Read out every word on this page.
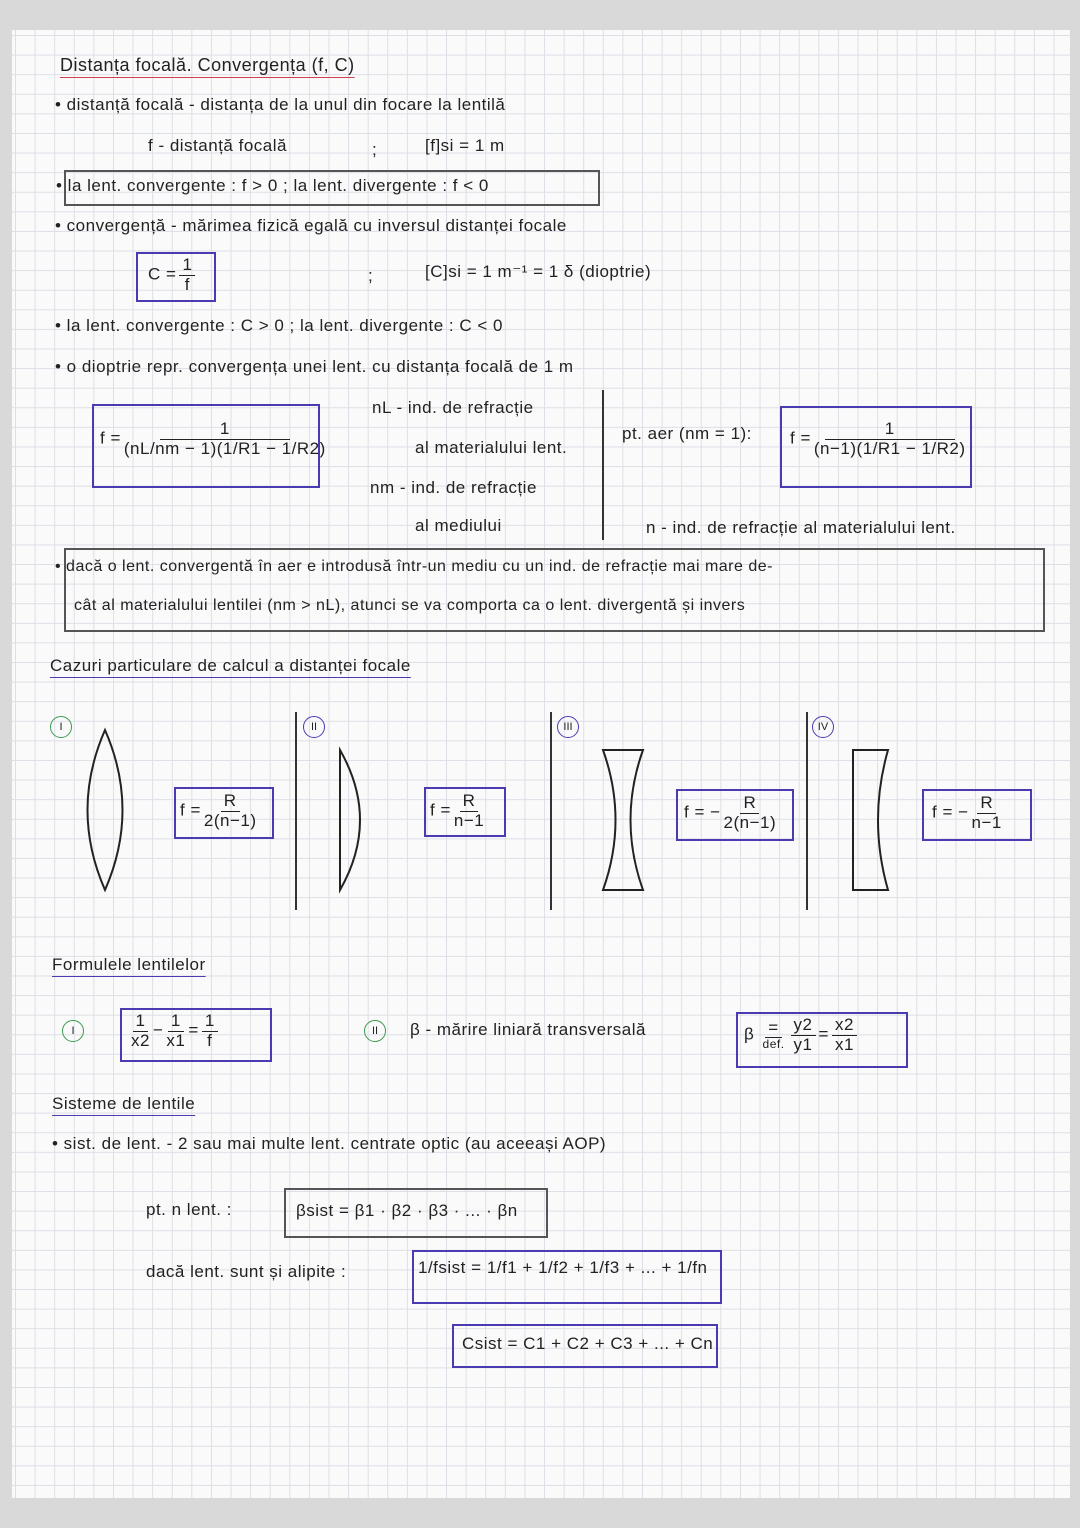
Distanța focală. Convergența (f, C)
• distanță focală - distanța de la unul din focare la lentilă
f - distanță focală	;	[f]si = 1 m
• la lent. convergente : f > 0 ; la lent. divergente : f < 0
• convergență - mărimea fizică egală cu inversul distanței focale
$C = \frac{1}{f}$	;	[C]si = 1 m⁻¹ = 1 δ (dioptrie)
• la lent. convergente : C > 0 ; la lent. divergente : C < 0
• o dioptrie repr. convergența unei lent. cu distanța focală de 1 m
$f = \frac{1}{(nL/nm - 1)(1/R1 - 1/R2)}$
nL - ind. de refracție
al materialului lent.
nm - ind. de refracție
al mediului
pt. aer (nm = 1): $f = \frac{1}{(n-1)(1/R1 - 1/R2)}$
n - ind. de refracție al materialului lent.
• dacă o lent. convergentă în aer e introdusă într-un mediu cu un ind. de refracție mai mare de-
cât al materialului lentilei (nm > nL), atunci se va comporta ca o lent. divergentă și invers
Cazuri particulare de calcul a distanței focale
I
$f = \frac{R}{2(n-1)}$
II
$f = \frac{R}{n-1}$
III
f = − $\frac{R}{2(n-1)}$
IV
f = − $\frac{R}{n-1}$
Formulele lentilelor
I	$\frac{1}{x2} - \frac{1}{x1} = \frac{1}{f}$	II	β - mărire liniară transversală	β $\frac{=}{\text{def.}} \frac{y2}{y1} = \frac{x2}{x1}$
Sisteme de lentile
• sist. de lent. - 2 sau mai multe lent. centrate optic (au aceeași AOP)
pt. n lent. :	βsist = β1 · β2 · β3 · ... · βn
dacă lent. sunt și alipite :	1/fsist = 1/f1 + 1/f2 + 1/f3 + ... + 1/fn
Csist = C1 + C2 + C3 + ... + Cn
